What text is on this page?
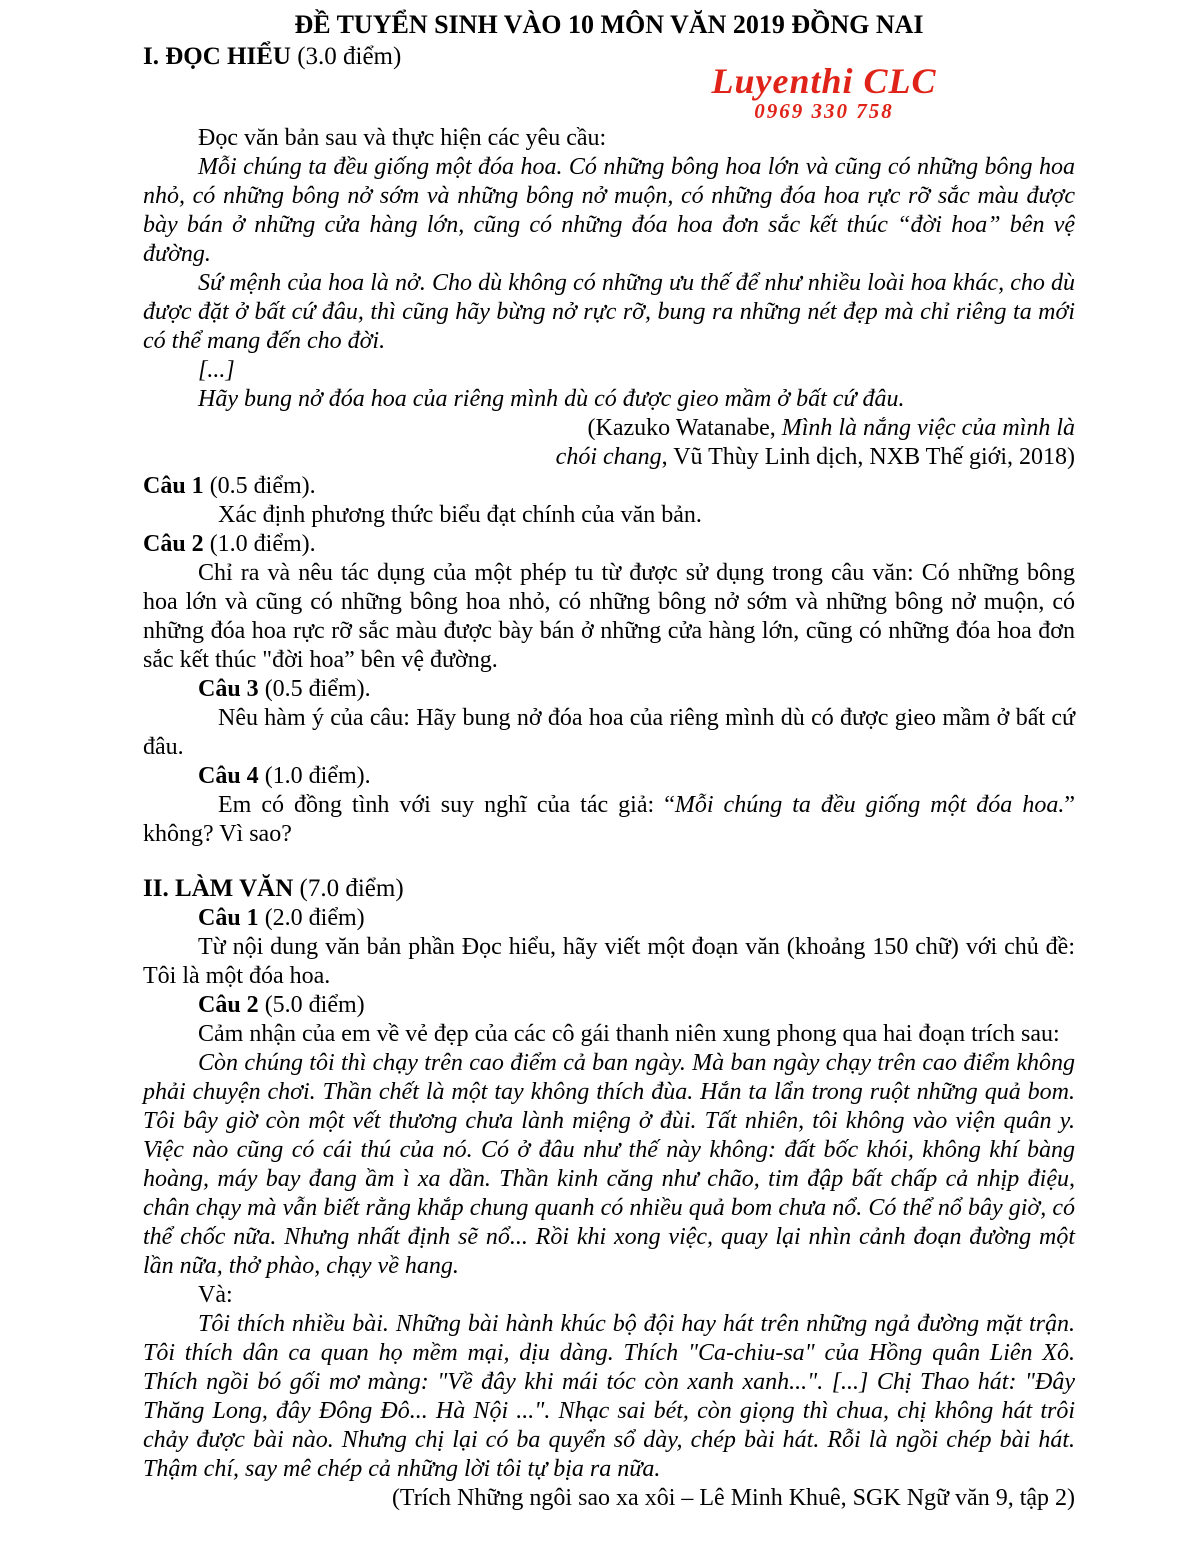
ĐỀ TUYỂN SINH VÀO 10 MÔN VĂN 2019 ĐỒNG NAI
I. ĐỌC HIỂU (3.0 điểm)
Luyenthi CLC
0969 330 758

Đọc văn bản sau và thực hiện các yêu cầu:

Mỗi chúng ta đều giống một đóa hoa. Có những bông hoa lớn và cũng có những bông hoa nhỏ, có những bông nở sớm và những bông nở muộn, có những đóa hoa rực rỡ sắc màu được bày bán ở những cửa hàng lớn, cũng có những đóa hoa đơn sắc kết thúc “đời hoa” bên vệ đường.

Sứ mệnh của hoa là nở. Cho dù không có những ưu thế để như nhiều loài hoa khác, cho dù được đặt ở bất cứ đâu, thì cũng hãy bừng nở rực rỡ, bung ra những nét đẹp mà chỉ riêng ta mới có thể mang đến cho đời.

[...]

Hãy bung nở đóa hoa của riêng mình dù có được gieo mầm ở bất cứ đâu.

(Kazuko Watanabe, Mình là nắng việc của mình là

chói chang, Vũ Thùy Linh dịch, NXB Thế giới, 2018)

Câu 1 (0.5 điểm).

Xác định phương thức biểu đạt chính của văn bản.

Câu 2 (1.0 điểm).

Chỉ ra và nêu tác dụng của một phép tu từ được sử dụng trong câu văn: Có những bông hoa lớn và cũng có những bông hoa nhỏ, có những bông nở sớm và những bông nở muộn, có những đóa hoa rực rỡ sắc màu được bày bán ở những cửa hàng lớn, cũng có những đóa hoa đơn sắc kết thúc "đời hoa” bên vệ đường.

Câu 3 (0.5 điểm).

Nêu hàm ý của câu: Hãy bung nở đóa hoa của riêng mình dù có được gieo mầm ở bất cứ đâu.

Câu 4 (1.0 điểm).

Em có đồng tình với suy nghĩ của tác giả: “Mỗi chúng ta đều giống một đóa hoa.” không? Vì sao?

II. LÀM VĂN (7.0 điểm)

Câu 1 (2.0 điểm)

Từ nội dung văn bản phần Đọc hiểu, hãy viết một đoạn văn (khoảng 150 chữ) với chủ đề: Tôi là một đóa hoa.

Câu 2 (5.0 điểm)

Cảm nhận của em về vẻ đẹp của các cô gái thanh niên xung phong qua hai đoạn trích sau:

Còn chúng tôi thì chạy trên cao điểm cả ban ngày. Mà ban ngày chạy trên cao điểm không phải chuyện chơi. Thần chết là một tay không thích đùa. Hắn ta lẩn trong ruột những quả bom. Tôi bây giờ còn một vết thương chưa lành miệng ở đùi. Tất nhiên, tôi không vào viện quân y. Việc nào cũng có cái thú của nó. Có ở đâu như thế này không: đất bốc khói, không khí bàng hoàng, máy bay đang ầm ì xa dần. Thần kinh căng như chão, tim đập bất chấp cả nhịp điệu, chân chạy mà vẫn biết rằng khắp chung quanh có nhiều quả bom chưa nổ. Có thể nổ bây giờ, có thể chốc nữa. Nhưng nhất định sẽ nổ... Rồi khi xong việc, quay lại nhìn cảnh đoạn đường một lần nữa, thở phào, chạy về hang.

Và:

Tôi thích nhiều bài. Những bài hành khúc bộ đội hay hát trên những ngả đường mặt trận. Tôi thích dân ca quan họ mềm mại, dịu dàng. Thích "Ca-chiu-sa" của Hồng quân Liên Xô. Thích ngồi bó gối mơ màng: "Về đây khi mái tóc còn xanh xanh...". [...] Chị Thao hát: "Đây Thăng Long, đây Đông Đô... Hà Nội ...". Nhạc sai bét, còn giọng thì chua, chị không hát trôi chảy được bài nào. Nhưng chị lại có ba quyển sổ dày, chép bài hát. Rỗi là ngồi chép bài hát. Thậm chí, say mê chép cả những lời tôi tự bịa ra nữa.

(Trích Những ngôi sao xa xôi – Lê Minh Khuê, SGK Ngữ văn 9, tập 2)
